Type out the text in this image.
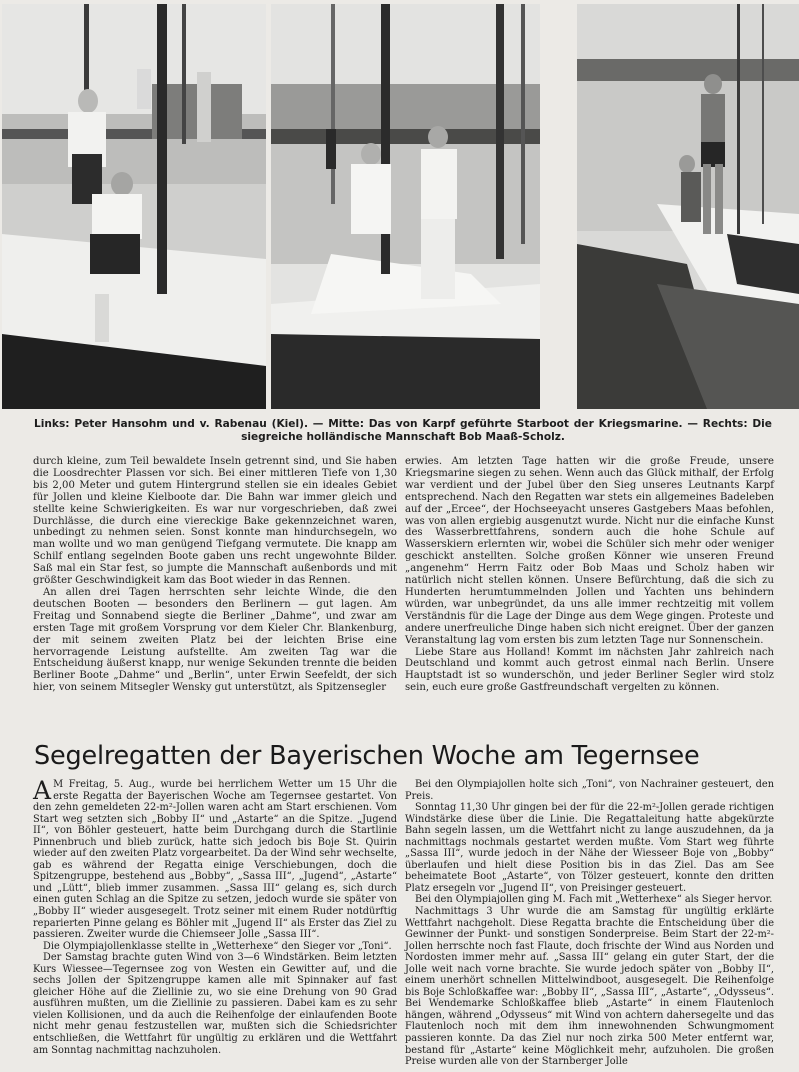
Links: Peter Hansohm und v. Rabenau (Kiel). — Mitte: Das von Karpf geführte Starboot der Kriegsmarine. — Rechts: Die siegreiche holländische Mannschaft Bob Maaß-Scholz.

durch kleine, zum Teil bewaldete Inseln getrennt sind, und Sie haben die Loosdrechter Plassen vor sich. Bei einer mittleren Tiefe von 1,30 bis 2,00 Meter und gutem Hintergrund stellen sie ein ideales Gebiet für Jollen und kleine Kielboote dar. Die Bahn war immer gleich und stellte keine Schwierigkeiten. Es war nur vorgeschrieben, daß zwei Durchlässe, die durch eine viereckige Bake gekennzeichnet waren, unbedingt zu nehmen seien. Sonst konnte man hindurchsegeln, wo man wollte und wo man genügend Tiefgang vermutete. Die knapp am Schilf entlang segelnden Boote gaben uns recht ungewohnte Bilder. Saß mal ein Star fest, so jumpte die Mannschaft außenbords und mit größter Geschwindigkeit kam das Boot wieder in das Rennen.

An allen drei Tagen herrschten sehr leichte Winde, die den deutschen Booten — besonders den Berlinern — gut lagen. Am Freitag und Sonnabend siegte die Berliner „Dahme“, und zwar am ersten Tage mit großem Vorsprung vor dem Kieler Chr. Blankenburg, der mit seinem zweiten Platz bei der leichten Brise eine hervorragende Leistung aufstellte. Am zweiten Tag war die Entscheidung äußerst knapp, nur wenige Sekunden trennte die beiden Berliner Boote „Dahme“ und „Berlin“, unter Erwin Seefeldt, der sich hier, von seinem Mitsegler Wensky gut unterstützt, als Spitzensegler

erwies. Am letzten Tage hatten wir die große Freude, unsere Kriegsmarine siegen zu sehen. Wenn auch das Glück mithalf, der Erfolg war verdient und der Jubel über den Sieg unseres Leutnants Karpf entsprechend. Nach den Regatten war stets ein allgemeines Badeleben auf der „Ercee“, der Hochseeyacht unseres Gastgebers Maas befohlen, was von allen ergiebig ausgenutzt wurde. Nicht nur die einfache Kunst des Wasserbrettfahrens, sondern auch die hohe Schule auf Wasserskiern erlernten wir, wobei die Schüler sich mehr oder weniger geschickt anstellten. Solche großen Könner wie unseren Freund „angenehm“ Herrn Faitz oder Bob Maas und Scholz haben wir natürlich nicht stellen können. Unsere Befürchtung, daß die sich zu Hunderten herumtummelnden Jollen und Yachten uns behindern würden, war unbegründet, da uns alle immer rechtzeitig mit vollem Verständnis für die Lage der Dinge aus dem Wege gingen. Proteste und andere unerfreuliche Dinge haben sich nicht ereignet. Über der ganzen Veranstaltung lag vom ersten bis zum letzten Tage nur Sonnenschein.

Liebe Stare aus Holland! Kommt im nächsten Jahr zahlreich nach Deutschland und kommt auch getrost einmal nach Berlin. Unsere Hauptstadt ist so wunderschön, und jeder Berliner Segler wird stolz sein, euch eure große Gastfreundschaft vergelten zu können.

Segelregatten der Bayerischen Woche am Tegernsee

A M Freitag, 5. Aug., wurde bei herrlichem Wetter um 15 Uhr die erste Regatta der Bayerischen Woche am Tegernsee gestartet. Von den zehn gemeldeten 22-m²-Jollen waren acht am Start erschienen. Vom Start weg setzten sich „Bobby II“ und „Astarte“ an die Spitze. „Jugend II“, von Böhler gesteuert, hatte beim Durchgang durch die Startlinie Pinnenbruch und blieb zurück, hatte sich jedoch bis Boje St. Quirin wieder auf den zweiten Platz vorgearbeitet. Da der Wind sehr wechselte, gab es während der Regatta einige Verschiebungen, doch die Spitzengruppe, bestehend aus „Bobby“, „Sassa III“, „Jugend“, „Astarte“ und „Lütt“, blieb immer zusammen. „Sassa III“ gelang es, sich durch einen guten Schlag an die Spitze zu setzen, jedoch wurde sie später von „Bobby II“ wieder ausgesegelt. Trotz seiner mit einem Ruder notdürftig reparierten Pinne gelang es Böhler mit „Jugend II“ als Erster das Ziel zu passieren. Zweiter wurde die Chiemseer Jolle „Sassa III“.

Die Olympiajollenklasse stellte in „Wetterhexe“ den Sieger vor „Toni“.

Der Samstag brachte guten Wind von 3—6 Windstärken. Beim letzten Kurs Wiessee—Tegernsee zog von Westen ein Gewitter auf, und die sechs Jollen der Spitzengruppe kamen alle mit Spinnaker auf fast gleicher Höhe auf die Ziellinie zu, wo sie eine Drehung von 90 Grad ausführen mußten, um die Ziellinie zu passieren. Dabei kam es zu sehr vielen Kollisionen, und da auch die Reihenfolge der einlaufenden Boote nicht mehr genau festzustellen war, mußten sich die Schiedsrichter entschließen, die Wettfahrt für ungültig zu erklären und die Wettfahrt am Sonntag nachmittag nachzuholen.

Bei den Olympiajollen holte sich „Toni“, von Nachrainer gesteuert, den Preis.

Sonntag 11,30 Uhr gingen bei der für die 22-m²-Jollen gerade richtigen Windstärke diese über die Linie. Die Regattaleitung hatte abgekürzte Bahn segeln lassen, um die Wettfahrt nicht zu lange auszudehnen, da ja nachmittags nochmals gestartet werden mußte. Vom Start weg führte „Sassa III“, wurde jedoch in der Nähe der Wiesseer Boje von „Bobby“ überlaufen und hielt diese Position bis in das Ziel. Das am See beheimatete Boot „Astarte“, von Tölzer gesteuert, konnte den dritten Platz ersegeln vor „Jugend II“, von Preisinger gesteuert.

Bei den Olympiajollen ging M. Fach mit „Wetterhexe“ als Sieger hervor.

Nachmittags 3 Uhr wurde die am Samstag für ungültig erklärte Wettfahrt nachgeholt. Diese Regatta brachte die Entscheidung über die Gewinner der Punkt- und sonstigen Sonderpreise. Beim Start der 22-m²-Jollen herrschte noch fast Flaute, doch frischte der Wind aus Norden und Nordosten immer mehr auf. „Sassa III“ gelang ein guter Start, der die Jolle weit nach vorne brachte. Sie wurde jedoch später von „Bobby II“, einem unerhört schnellen Mittelwindboot, ausgesegelt. Die Reihenfolge bis Boje Schloßkaffee war: „Bobby II“, „Sassa III“, „Astarte“, „Odysseus“. Bei Wendemarke Schloßkaffee blieb „Astarte“ in einem Flautenloch hängen, während „Odysseus“ mit Wind von achtern dahersegelte und das Flautenloch noch mit dem ihm innewohnenden Schwungmoment passieren konnte. Da das Ziel nur noch zirka 500 Meter entfernt war, bestand für „Astarte“ keine Möglichkeit mehr, aufzuholen. Die großen Preise wurden alle von der Starnberger Jolle
